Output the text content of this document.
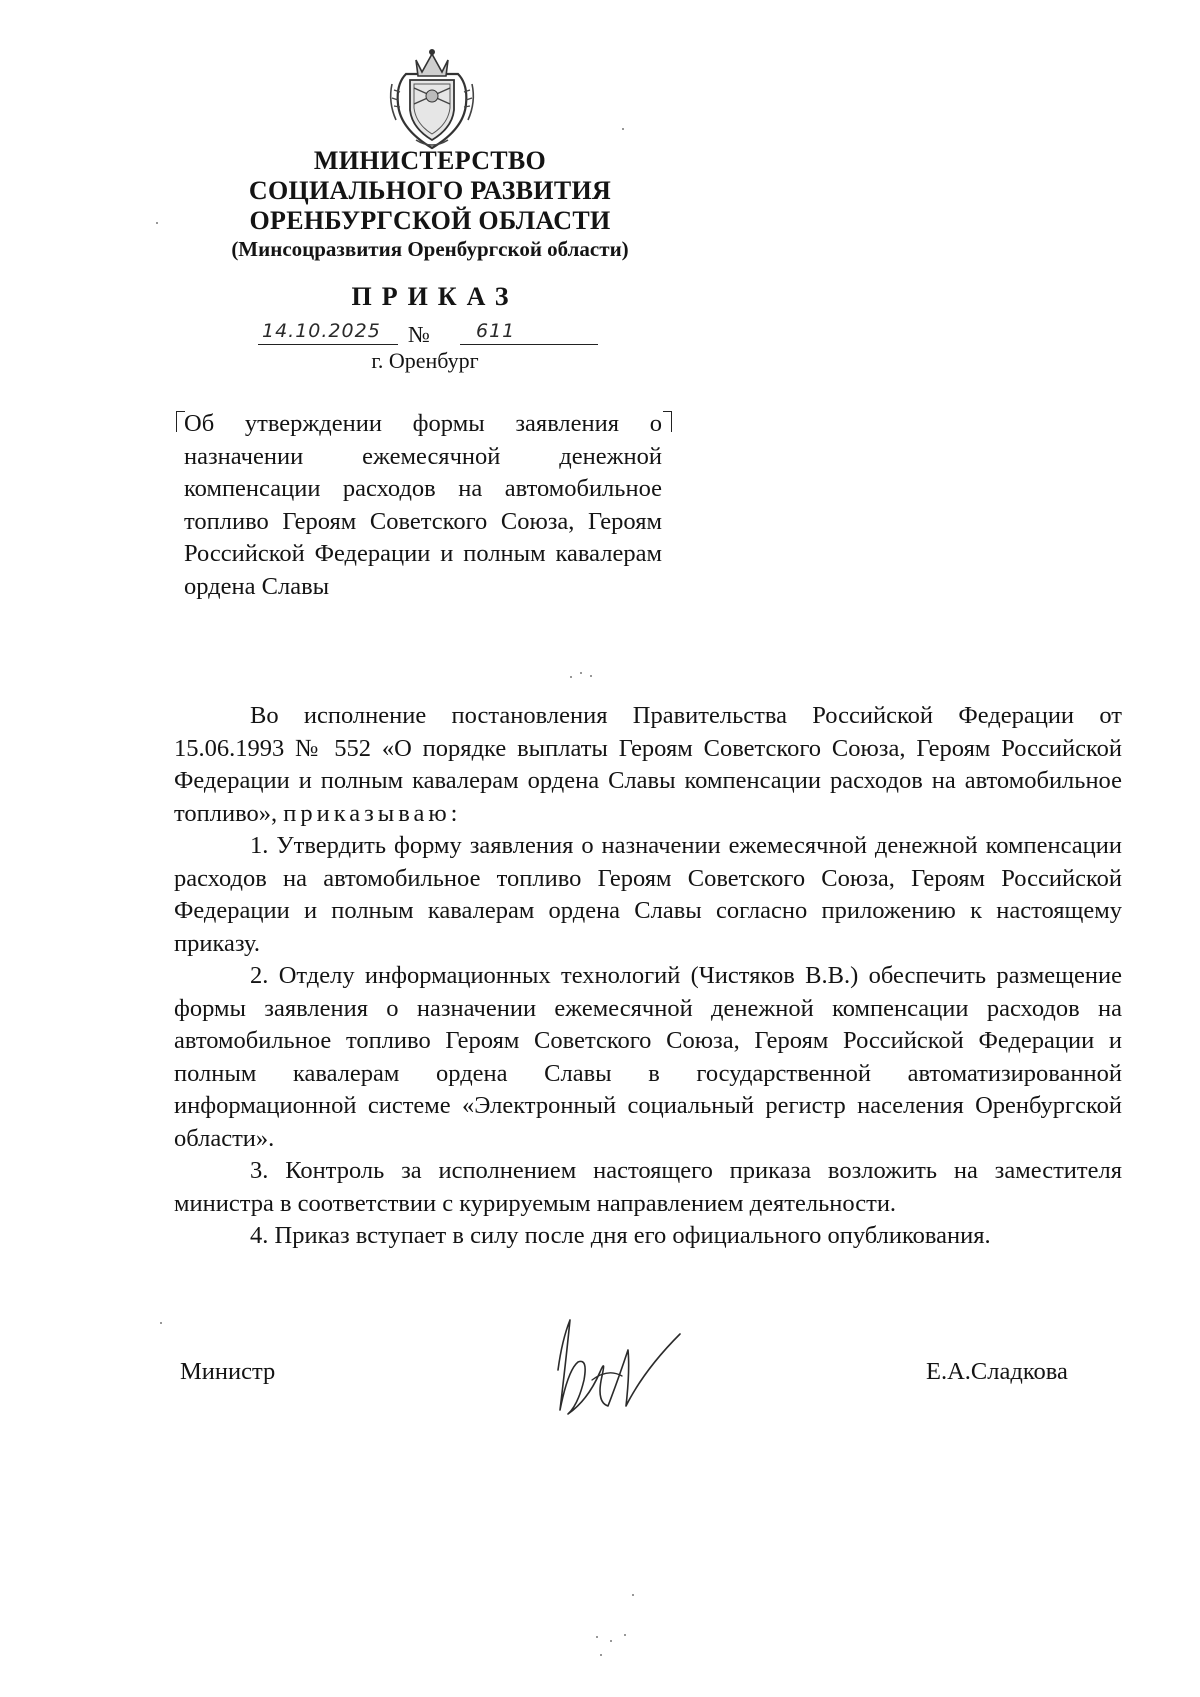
МИНИСТЕРСТВО
СОЦИАЛЬНОГО РАЗВИТИЯ
ОРЕНБУРГСКОЙ ОБЛАСТИ
(Минсоцразвития Оренбургской области)
ПРИКАЗ
14.10.2025 № 611
г. Оренбург
Об утверждении формы заявления о назначении ежемесячной денежной компенсации расходов на автомобильное топливо Героям Советского Союза, Героям Российской Федерации и полным кавалерам ордена Славы

Во исполнение постановления Правительства Российской Федерации от 15.06.1993 № 552 «О порядке выплаты Героям Советского Союза, Героям Российской Федерации и полным кавалерам ордена Славы компенсации расходов на автомобильное топливо», приказываю:

1. Утвердить форму заявления о назначении ежемесячной денежной компенсации расходов на автомобильное топливо Героям Советского Союза, Героям Российской Федерации и полным кавалерам ордена Славы согласно приложению к настоящему приказу.

2. Отделу информационных технологий (Чистяков В.В.) обеспечить размещение формы заявления о назначении ежемесячной денежной компенсации расходов на автомобильное топливо Героям Советского Союза, Героям Российской Федерации и полным кавалерам ордена Славы в государственной автоматизированной информационной системе «Электронный социальный регистр населения Оренбургской области».

3. Контроль за исполнением настоящего приказа возложить на заместителя министра в соответствии с курируемым направлением деятельности.

4. Приказ вступает в силу после дня его официального опубликования.

Министр	Е.А.Сладкова
